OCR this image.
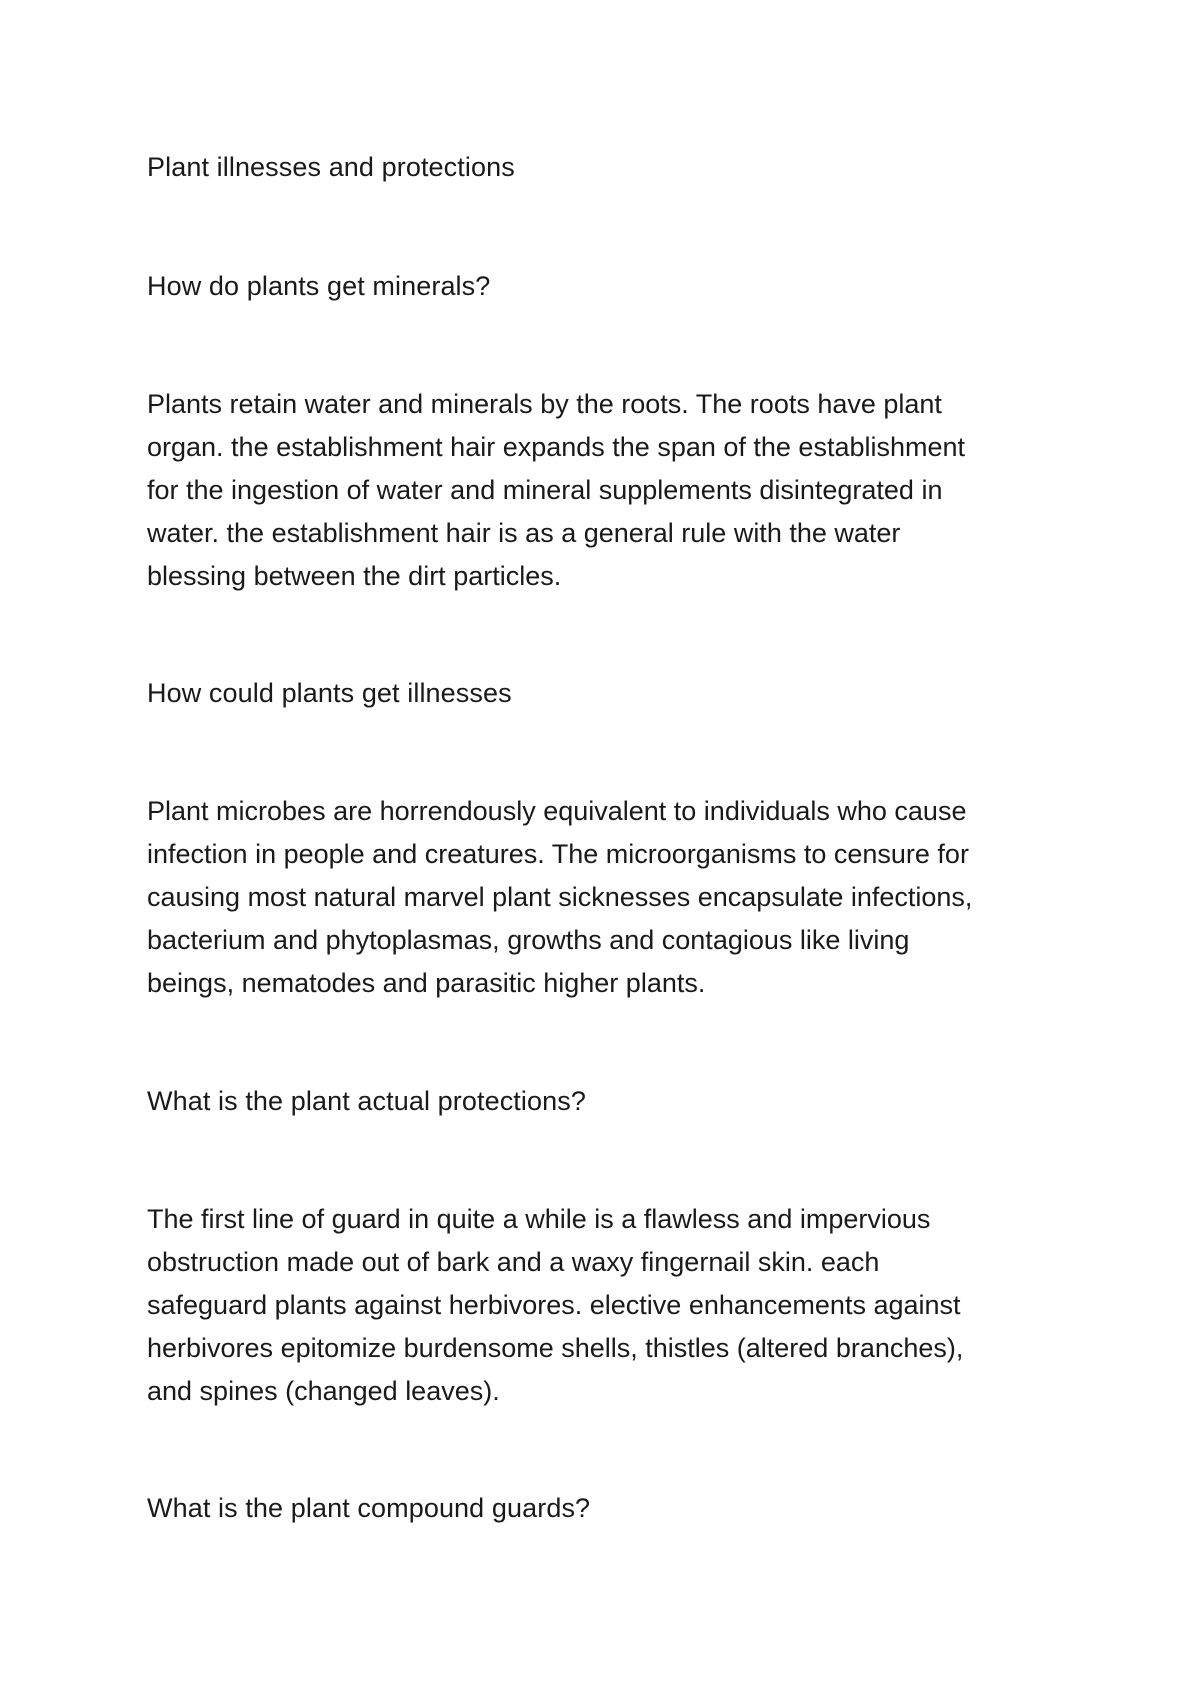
Plant illnesses and protections

How do plants get minerals?

Plants retain water and minerals by the roots. The roots have plant
organ. the establishment hair expands the span of the establishment
for the ingestion of water and mineral supplements disintegrated in
water. the establishment hair is as a general rule with the water
blessing between the dirt particles.

How could plants get illnesses

Plant microbes are horrendously equivalent to individuals who cause
infection in people and creatures. The microorganisms to censure for
causing most natural marvel plant sicknesses encapsulate infections,
bacterium and phytoplasmas, growths and contagious like living
beings, nematodes and parasitic higher plants.

What is the plant actual protections?

The first line of guard in quite a while is a flawless and impervious
obstruction made out of bark and a waxy fingernail skin. each
safeguard plants against herbivores. elective enhancements against
herbivores epitomize burdensome shells, thistles (altered branches),
and spines (changed leaves).

What is the plant compound guards?
